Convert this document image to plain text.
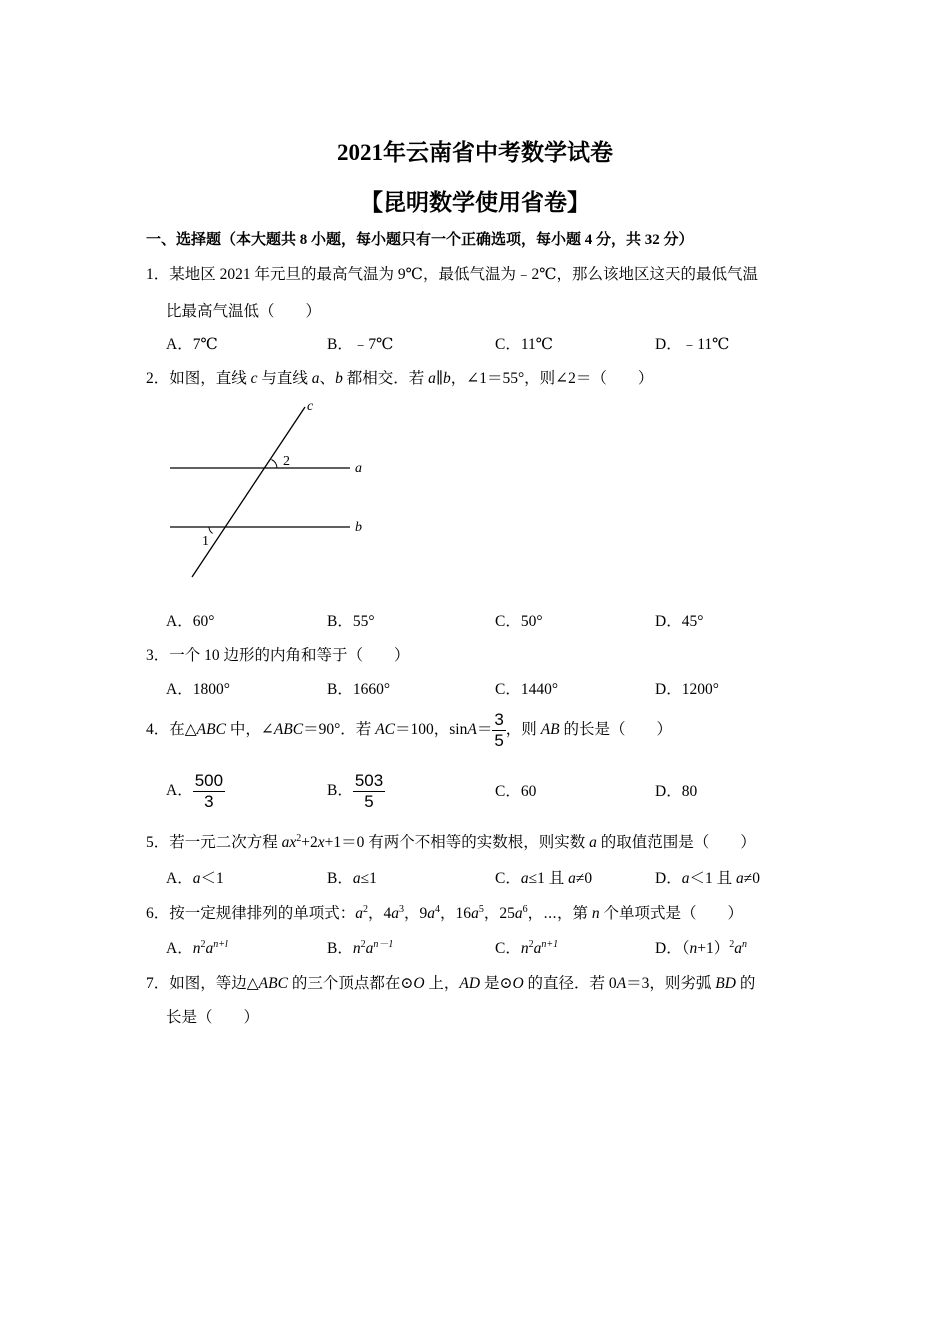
2021年云南省中考数学试卷
【昆明数学使用省卷】
一、选择题（本大题共 8 小题，每小题只有一个正确选项，每小题 4 分，共 32 分）
1．某地区 2021 年元旦的最高气温为 9℃，最低气温为﹣2℃，那么该地区这天的最低气温
比最高气温低（　　）
A．7℃	B．﹣7℃	C．11℃	D．﹣11℃
2．如图，直线 c 与直线 a、b 都相交．若 a∥b，∠1＝55°，则∠2＝（　　）
c
a
b
2
1
A．60°	B．55°	C．50°	D．45°
3．一个 10 边形的内角和等于（　　）
A．1800°	B．1660°	C．1440°	D．1200°
4．在△ABC 中，∠ABC＝90°．若 AC＝100，$\sin A= \frac{3}{5}$ ，则 AB 的长是（　　）
A． $\frac{500}{3}$	B． $\frac{503}{5}$	C．60	D．80
5．若一元二次方程 $ax^2+2x+1=0$ 有两个不相等的实数根，则实数 a 的取值范围是（　　）
A．a＜1	B．a≤1	C．a≤1 且 a≠0	D．a＜1 且 a≠0
6．按一定规律排列的单项式：$a^2$，$4a^3$，$9a^4$，$16a^5$，$25a^6$，⋯，第 n 个单项式是（　　）
A．$n^2a^{n+l}$	B．$n^2a^{n-1}$	C．$n^2a^{n+1}$	D．$(n+1)^2a^n$
7．如图，等边△ABC 的三个顶点都在⊙O 上，AD 是⊙O 的直径．若 0A＝3，则劣弧 BD 的
长是（　　）
